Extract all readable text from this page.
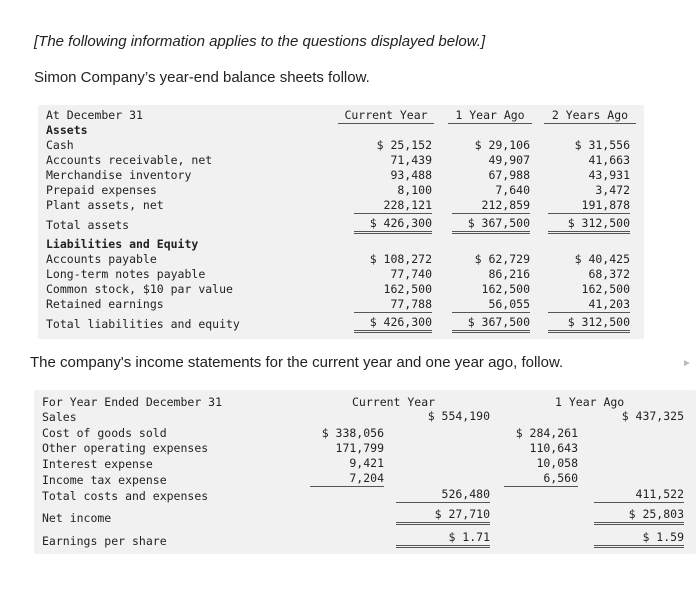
[The following information applies to the questions displayed below.]
Simon Company’s year-end balance sheets follow.
At December 31	Current Year	1 Year Ago	2 Years Ago
Assets
Cash	$ 25,152	$ 29,106	$ 31,556
Accounts receivable, net	71,439	49,907	41,663
Merchandise inventory	93,488	67,988	43,931
Prepaid expenses	8,100	7,640	3,472
Plant assets, net	228,121	212,859	191,878
Total assets	$ 426,300	$ 367,500	$ 312,500
Liabilities and Equity
Accounts payable	$ 108,272	$ 62,729	$ 40,425
Long-term notes payable	77,740	86,216	68,372
Common stock, $10 par value	162,500	162,500	162,500
Retained earnings	77,788	56,055	41,203
Total liabilities and equity	$ 426,300	$ 367,500	$ 312,500
The company's income statements for the current year and one year ago, follow.	►
For Year Ended December 31	Current Year	1 Year Ago
Sales	$ 554,190	$ 437,325
Cost of goods sold	$ 338,056	$ 284,261
Other operating expenses	171,799	110,643
Interest expense	9,421	10,058
Income tax expense	7,204	6,560
Total costs and expenses	526,480	411,522
Net income	$ 27,710	$ 25,803
Earnings per share	$ 1.71	$ 1.59
